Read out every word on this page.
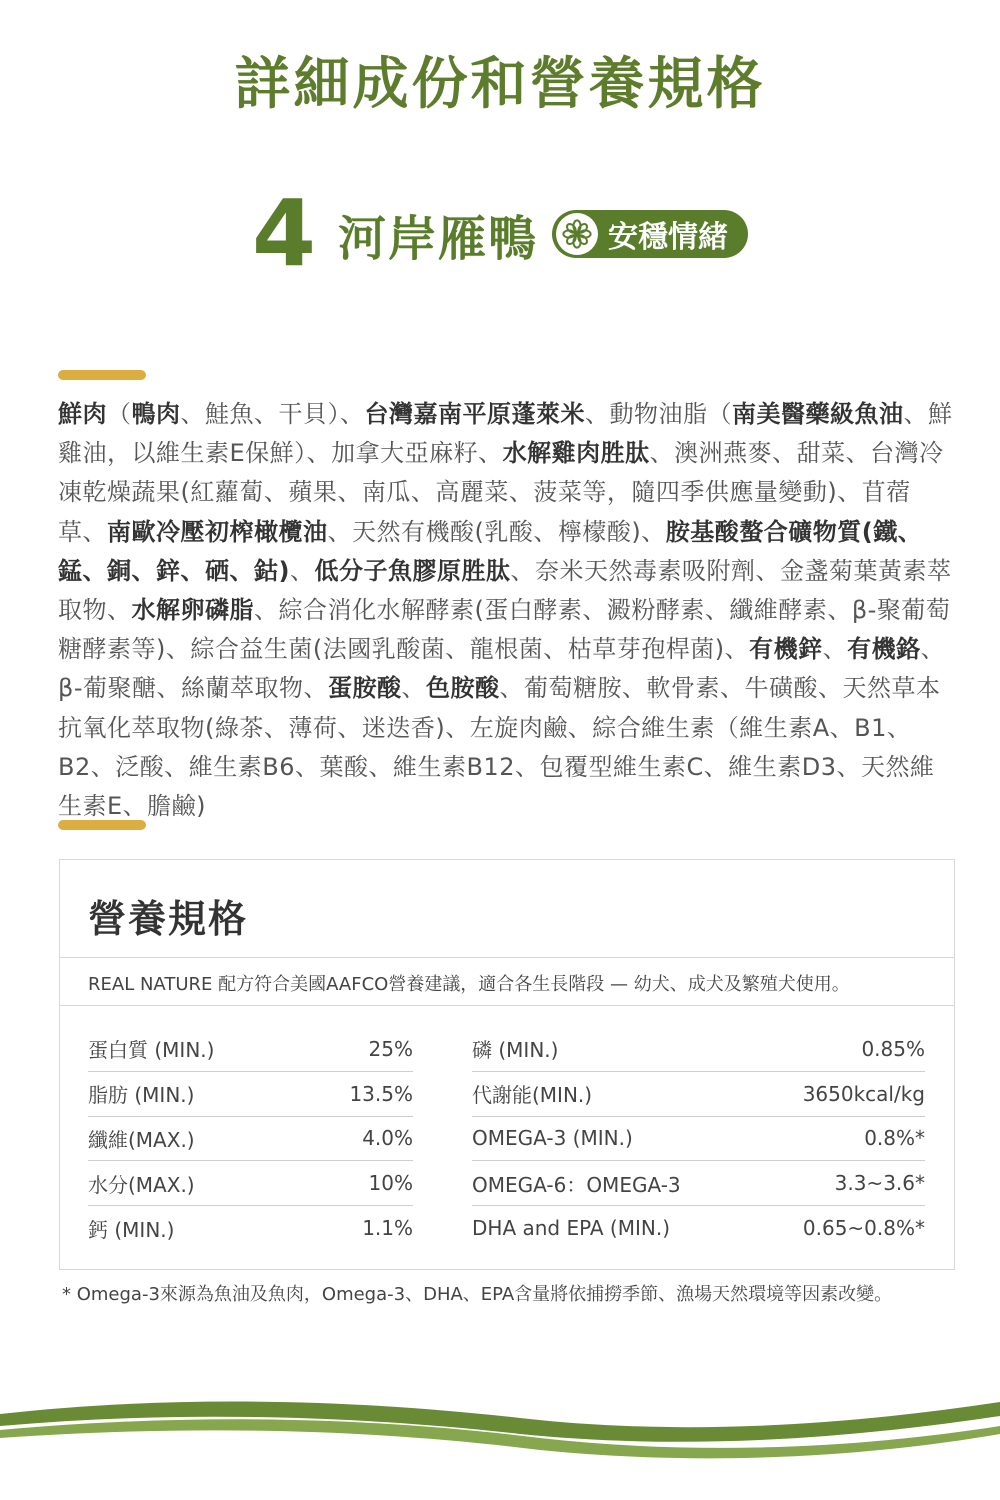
詳細成份和營養規格
4 河岸雁鴨 安穩情緒

鮮肉（鴨肉、鮭魚、干貝）、台灣嘉南平原蓬萊米、動物油脂（南美醫藥級魚油、鮮雞油，以維生素E保鮮）、加拿大亞麻籽、水解雞肉胜肽、澳洲燕麥、甜菜、台灣冷凍乾燥蔬果(紅蘿蔔、蘋果、南瓜、高麗菜、菠菜等，隨四季供應量變動)、苜蓿草、南歐冷壓初榨橄欖油、天然有機酸(乳酸、檸檬酸)、胺基酸螯合礦物質(鐵、錳、銅、鋅、硒、鈷)、低分子魚膠原胜肽、奈米天然毒素吸附劑、金盞菊葉黃素萃取物、水解卵磷脂、綜合消化水解酵素(蛋白酵素、澱粉酵素、纖維酵素、β-聚葡萄糖酵素等)、綜合益生菌(法國乳酸菌、龍根菌、枯草芽孢桿菌)、有機鋅、有機鉻、β-葡聚醣、絲蘭萃取物、蛋胺酸、色胺酸、葡萄糖胺、軟骨素、牛磺酸、天然草本抗氧化萃取物(綠茶、薄荷、迷迭香)、左旋肉鹼、綜合維生素（維生素A、B1、B2、泛酸、維生素B6、葉酸、維生素B12、包覆型維生素C、維生素D3、天然維生素E、膽鹼)

營養規格
REAL NATURE 配方符合美國AAFCO營養建議，適合各生長階段 — 幼犬、成犬及繁殖犬使用。
蛋白質 (MIN.)	25%
脂肪 (MIN.)	13.5%
纖維(MAX.)	4.0%
水分(MAX.)	10%
鈣 (MIN.)	1.1%
磷 (MIN.)	0.85%
代謝能(MIN.)	3650kcal/kg
OMEGA-3 (MIN.)	0.8%*
OMEGA-6：OMEGA-3	3.3~3.6*
DHA and EPA (MIN.)	0.65~0.8%*

* Omega-3來源為魚油及魚肉，Omega-3、DHA、EPA含量將依捕撈季節、漁場天然環境等因素改變。
